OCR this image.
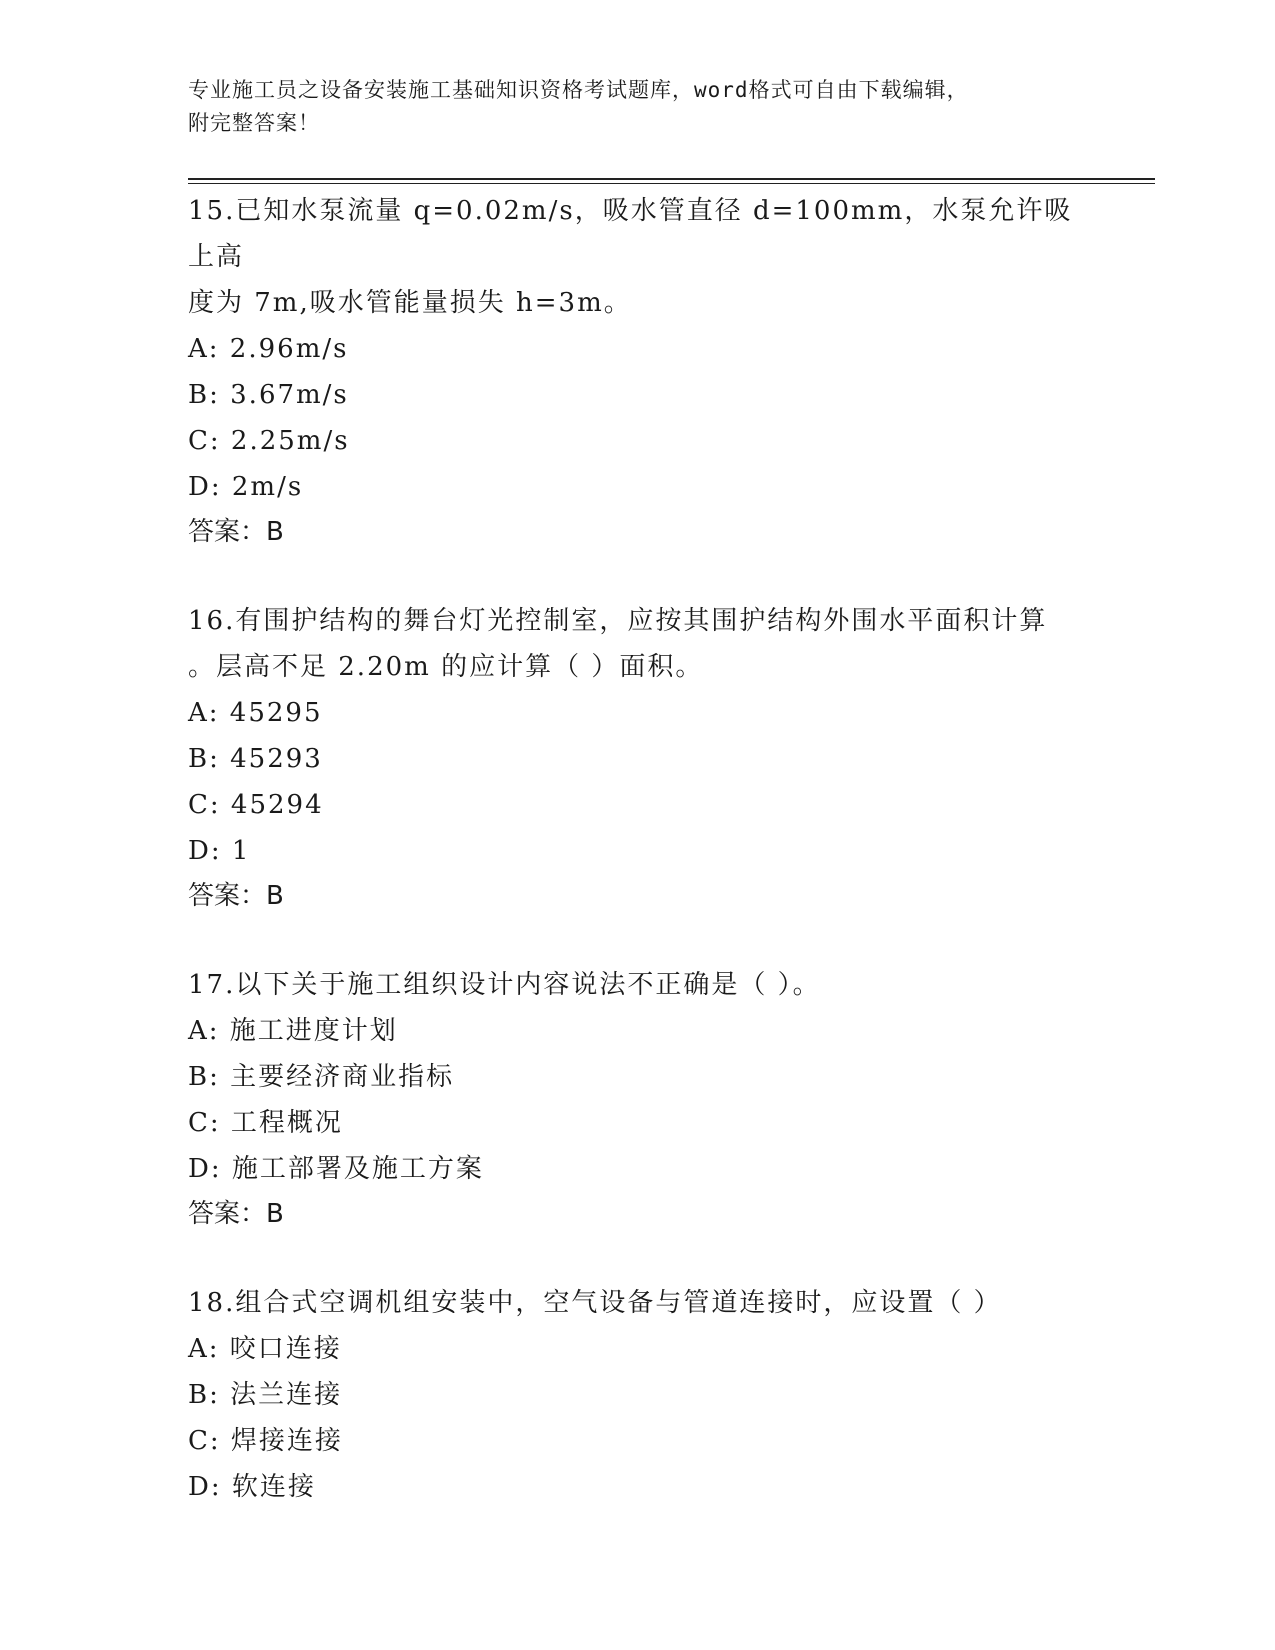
专业施工员之设备安装施工基础知识资格考试题库，word格式可自由下载编辑，
附完整答案！

15.已知水泵流量 q=0.02m/s，吸水管直径 d=100mm，水泵允许吸上高

度为 7m,吸水管能量损失 h=3m。

A: 2.96m/s

B: 3.67m/s

C: 2.25m/s

D: 2m/s

答案：B

16.有围护结构的舞台灯光控制室，应按其围护结构外围水平面积计算

。层高不足 2.20m 的应计算（ ）面积。

A: 45295

B: 45293

C: 45294

D: 1

答案：B

17.以下关于施工组织设计内容说法不正确是（ ）。

A: 施工进度计划

B: 主要经济商业指标

C: 工程概况

D: 施工部署及施工方案

答案：B

18.组合式空调机组安装中，空气设备与管道连接时，应设置（ ）

A: 咬口连接

B: 法兰连接

C: 焊接连接

D: 软连接
